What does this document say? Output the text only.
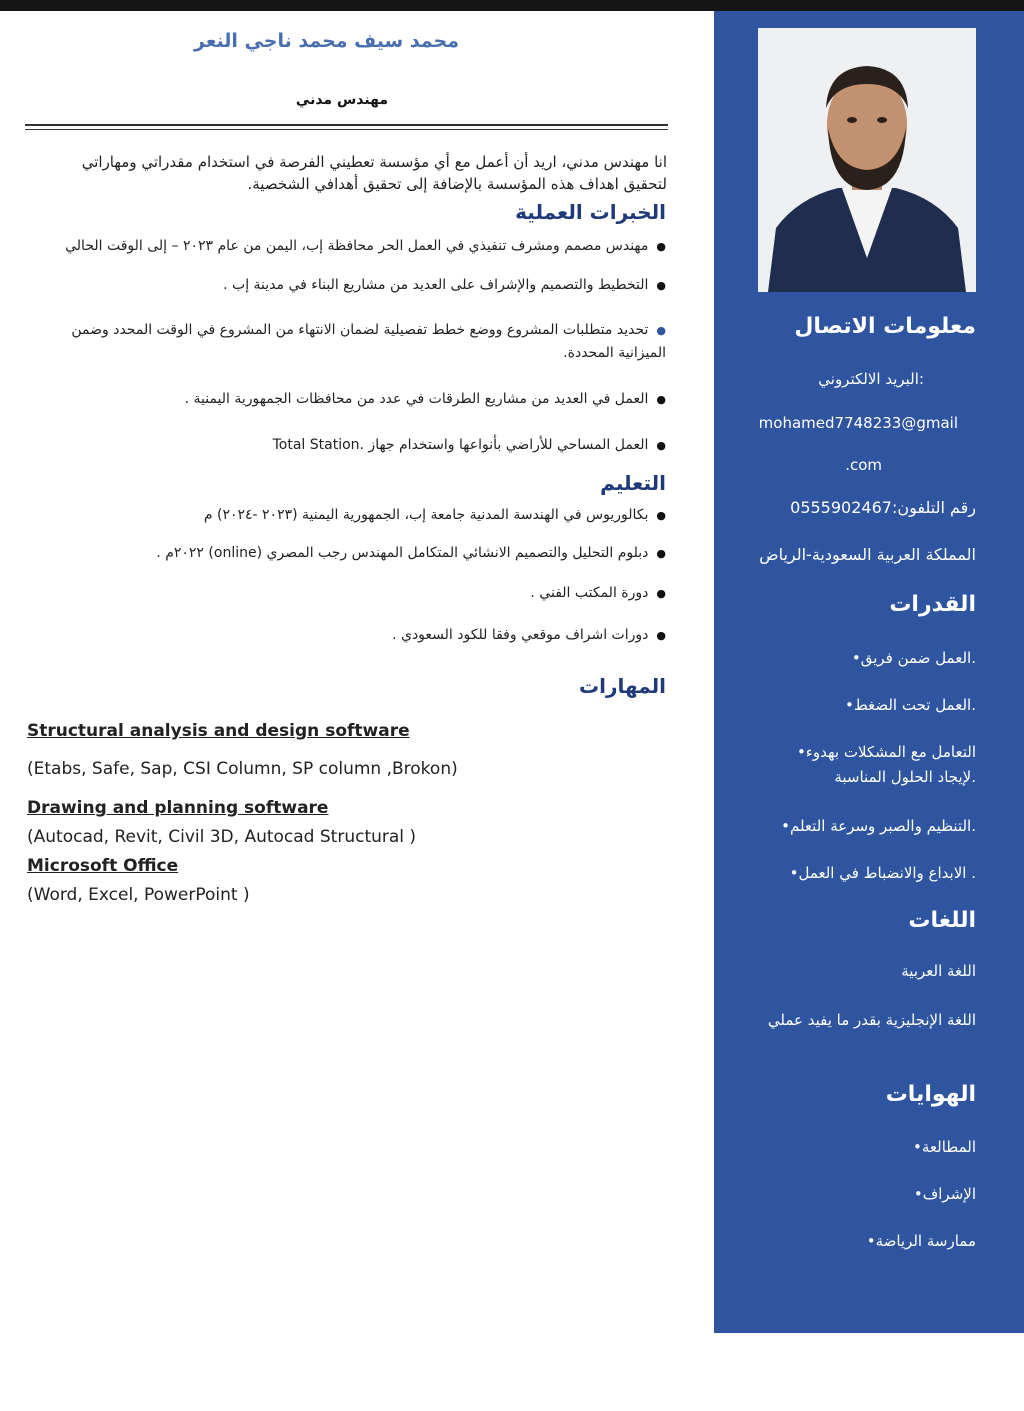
معلومات الاتصال
البريد الالكتروني:
mohamed7748233@gmail
.com
رقم التلفون:0555902467
المملكة العربية السعودية-الرياض
القدرات
• العمل ضمن فريق.
• العمل تحت الضغط.
• التعامل مع المشكلات بهدوء لإيجاد الحلول المناسبة.
• التنظيم والصبر وسرعة التعلم.
• الابداع والانضباط في العمل .
اللغات
اللغة العربية
اللغة الإنجليزية بقدر ما يفيد عملي
الهوايات
• المطالعة
• الإشراف
• ممارسة الرياضة
محمد سيف محمد ناجي النعر
مهندس مدني
انا مهندس مدني، اريد أن أعمل مع أي مؤسسة تعطيني الفرصة في استخدام مقدراتي ومهاراتي لتحقيق اهداف هذه المؤسسة بالإضافة إلى تحقيق أهدافي الشخصية.
الخبرات العملية
● مهندس مصمم ومشرف تنفيذي في العمل الحر محافظة إب، اليمن من عام ٢٠٢٣ – إلى الوقت الحالي
● التخطيط والتصميم والإشراف على العديد من مشاريع البناء في مدينة إب .
● تحديد متطلبات المشروع ووضع خطط تفصيلية لضمان الانتهاء من المشروع في الوقت المحدد وضمن الميزانية المحددة.
● العمل في العديد من مشاريع الطرقات في عدد من محافظات الجمهورية اليمنية .
● العمل المساحي للأراضي بأنواعها واستخدام جهاز .Total Station
التعليم
● بكالوريوس في الهندسة المدنية جامعة إب، الجمهورية اليمنية (٢٠٢٣ -٢٠٢٤) م
● دبلوم التحليل والتصميم الانشائي المتكامل المهندس رجب المصري (online) ٢٠٢٢م .
● دورة المكتب الفني .
● دورات اشراف موقعي وفقا للكود السعودي .
المهارات
Structural analysis and design software
(Etabs, Safe, Sap, CSI Column, SP column ,Brokon)
Drawing and planning software
(Autocad, Revit, Civil 3D, Autocad Structural )
Microsoft Office
(Word, Excel, PowerPoint )
